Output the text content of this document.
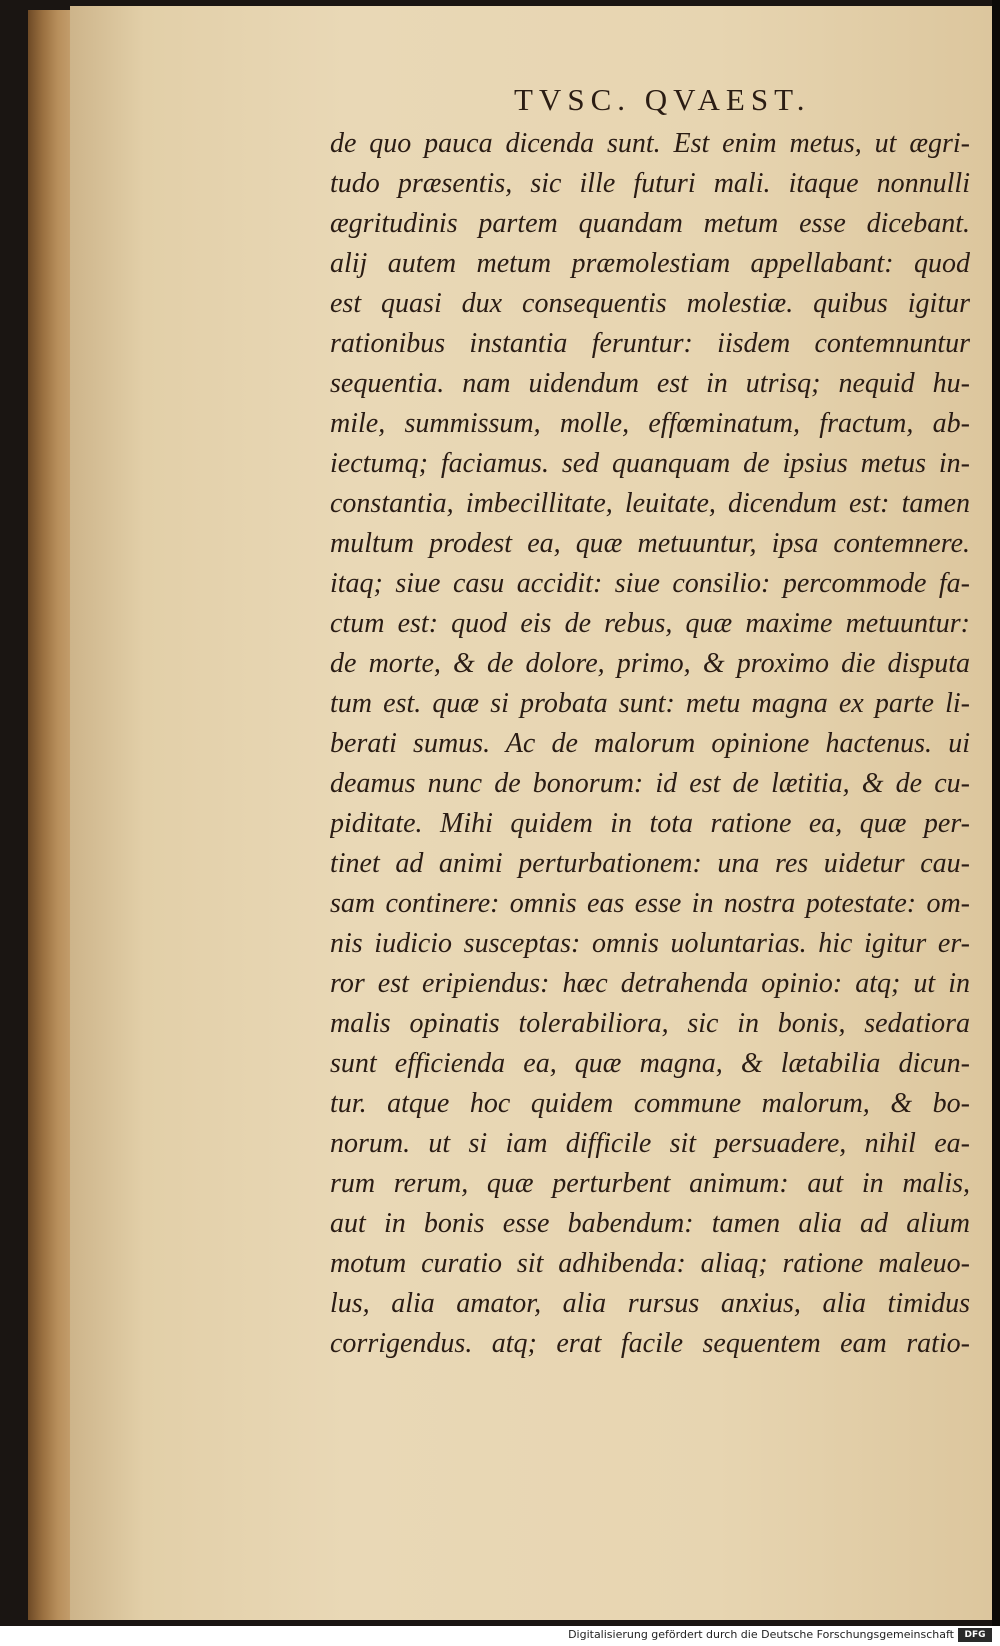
TVSC. QVAEST.
de quo pauca dicenda sunt. Est enim metus, ut ægri-
tudo præsentis, sic ille futuri mali. itaque nonnulli
ægritudinis partem quandam metum esse dicebant.
alij autem metum præmolestiam appellabant: quod
est quasi dux consequentis molestiæ. quibus igitur
rationibus instantia feruntur: iisdem contemnuntur
sequentia. nam uidendum est in utrisq; nequid hu-
mile, summissum, molle, effœminatum, fractum, ab-
iectumq; faciamus. sed quanquam de ipsius metus in-
constantia, imbecillitate, leuitate, dicendum est: tamen
multum prodest ea, quæ metuuntur, ipsa contemnere.
itaq; siue casu accidit: siue consilio: percommode fa-
ctum est: quod eis de rebus, quæ maxime metuuntur:
de morte, & de dolore, primo, & proximo die disputa
tum est. quæ si probata sunt: metu magna ex parte li-
berati sumus. Ac de malorum opinione hactenus. ui
deamus nunc de bonorum: id est de lætitia, & de cu-
piditate. Mihi quidem in tota ratione ea, quæ per-
tinet ad animi perturbationem: una res uidetur cau-
sam continere: omnis eas esse in nostra potestate: om-
nis iudicio susceptas: omnis uoluntarias. hic igitur er-
ror est eripiendus: hæc detrahenda opinio: atq; ut in
malis opinatis tolerabiliora, sic in bonis, sedatiora
sunt efficienda ea, quæ magna, & lætabilia dicun-
tur. atque hoc quidem commune malorum, & bo-
norum. ut si iam difficile sit persuadere, nihil ea-
rum rerum, quæ perturbent animum: aut in malis,
aut in bonis esse babendum: tamen alia ad alium
motum curatio sit adhibenda: aliaq; ratione maleuo-
lus, alia amator, alia rursus anxius, alia timidus
corrigendus. atq; erat facile sequentem eam ratio-
Digitalisierung gefördert durch die Deutsche Forschungsgemeinschaft	DFG
